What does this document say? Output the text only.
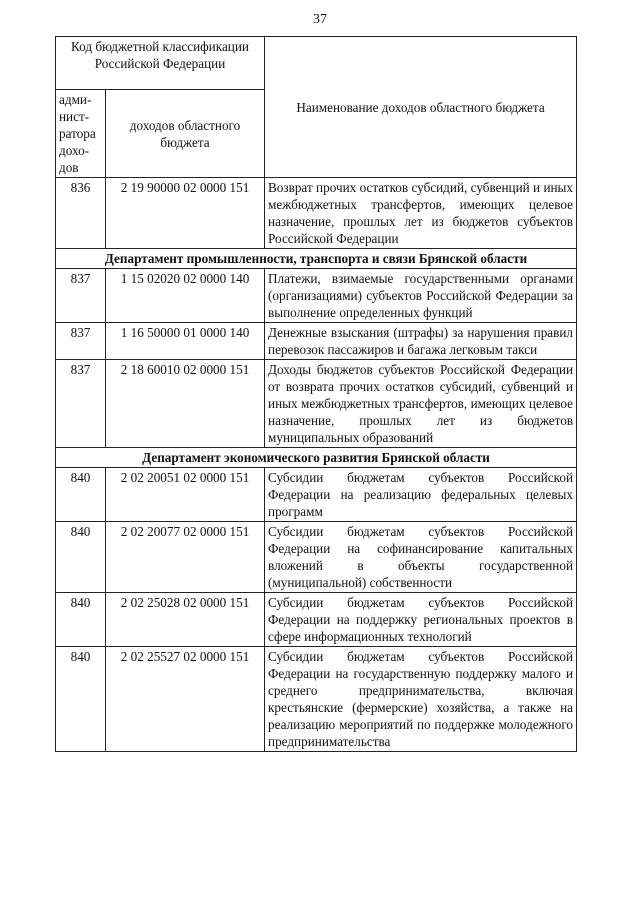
37
Код бюджетной классификации Российской Федерации		Наименование доходов областного бюджета
адми-нист-ратора дохо-дов	доходов областного бюджета	
836	2 19 90000 02 0000 151	Возврат прочих остатков субсидий, субвенций и иных межбюджетных трансфертов, имеющих целевое назначение, прошлых лет из бюджетов субъектов Российской Федерации
Департамент промышленности, транспорта и связи Брянской области		
837	1 15 02020 02 0000 140	Платежи, взимаемые государственными органами (организациями) субъектов Российской Федерации за выполнение определенных функций
837	1 16 50000 01 0000 140	Денежные взыскания (штрафы) за нарушения правил перевозок пассажиров и багажа легковым такси
837	2 18 60010 02 0000 151	Доходы бюджетов субъектов Российской Федерации от возврата прочих остатков субсидий, субвенций и иных межбюджетных трансфертов, имеющих целевое назначение, прошлых лет из бюджетов муниципальных образований
Департамент экономического развития Брянской области		
840	2 02 20051 02 0000 151	Субсидии бюджетам субъектов Российской Федерации на реализацию федеральных целевых программ
840	2 02 20077 02 0000 151	Субсидии бюджетам субъектов Российской Федерации на софинансирование капитальных вложений в объекты государственной (муниципальной) собственности
840	2 02 25028 02 0000 151	Субсидии бюджетам субъектов Российской Федерации на поддержку региональных проектов в сфере информационных технологий
840	2 02 25527 02 0000 151	Субсидии бюджетам субъектов Российской Федерации на государственную поддержку малого и среднего предпринимательства, включая крестьянские (фермерские) хозяйства, а также на реализацию мероприятий по поддержке молодежного предпринимательства
